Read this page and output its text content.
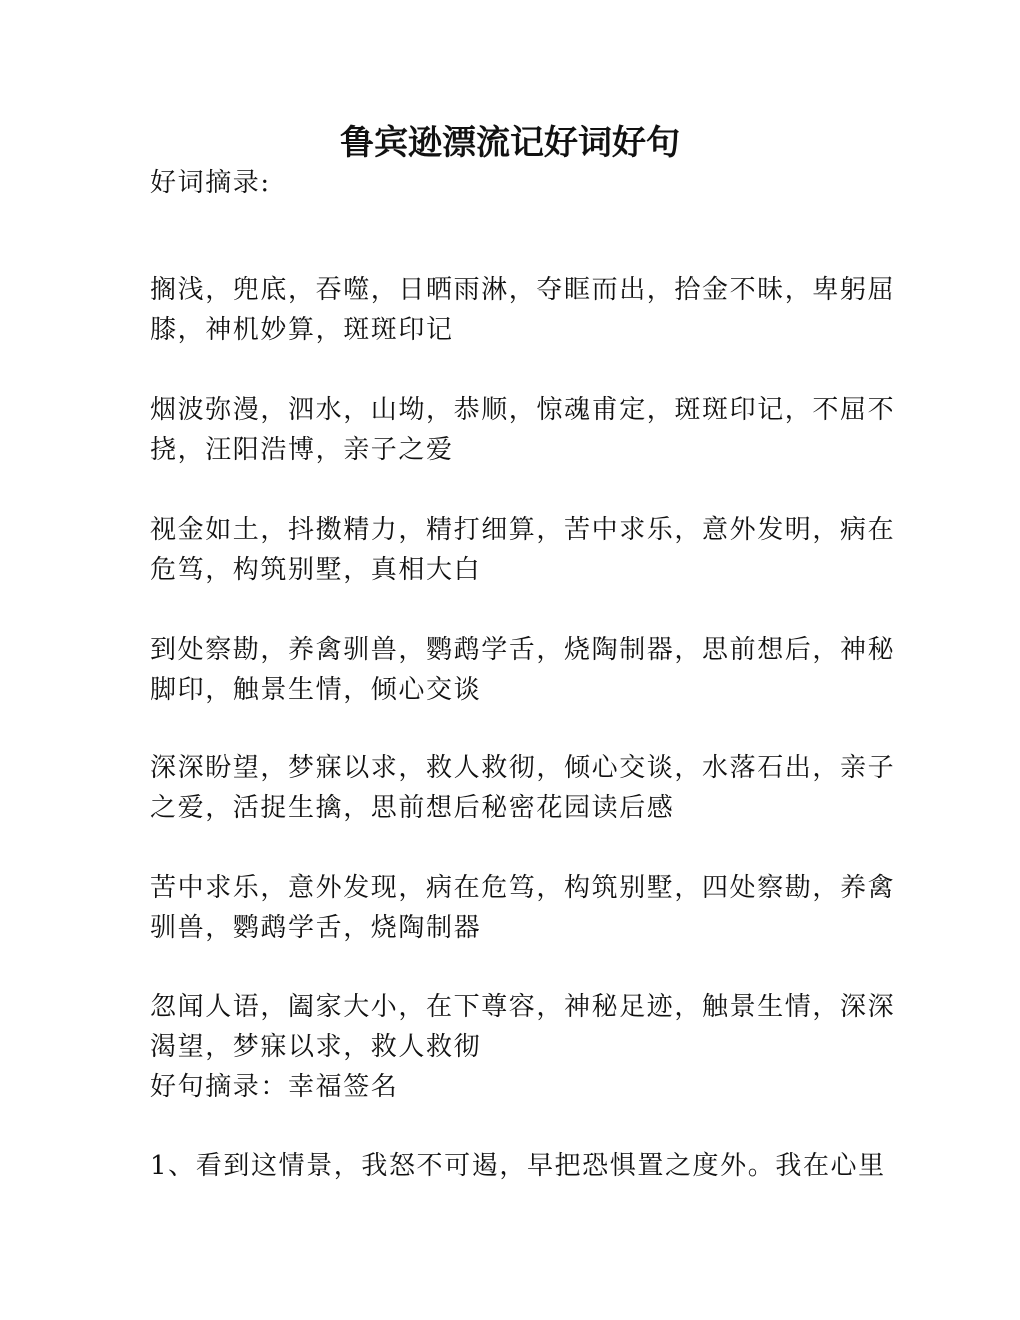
鲁宾逊漂流记好词好句
好词摘录:
搁浅，兜底，吞噬，日晒雨淋，夺眶而出，拾金不昧，卑躬屈
膝，神机妙算，斑斑印记
烟波弥漫，泗水，山坳，恭顺，惊魂甫定，斑斑印记，不屈不
挠，汪阳浩博，亲子之爱
视金如土，抖擞精力，精打细算，苦中求乐，意外发明，病在
危笃，构筑别墅，真相大白
到处察勘，养禽驯兽，鹦鹉学舌，烧陶制器，思前想后，神秘
脚印，触景生情，倾心交谈
深深盼望，梦寐以求，救人救彻，倾心交谈，水落石出，亲子
之爱，活捉生擒，思前想后秘密花园读后感
苦中求乐，意外发现，病在危笃，构筑别墅，四处察勘，养禽
驯兽，鹦鹉学舌，烧陶制器
忽闻人语，阖家大小，在下尊容，神秘足迹，触景生情，深深
渴望，梦寐以求，救人救彻
好句摘录：幸福签名
1、看到这情景，我怒不可遏，早把恐惧置之度外。我在心里
